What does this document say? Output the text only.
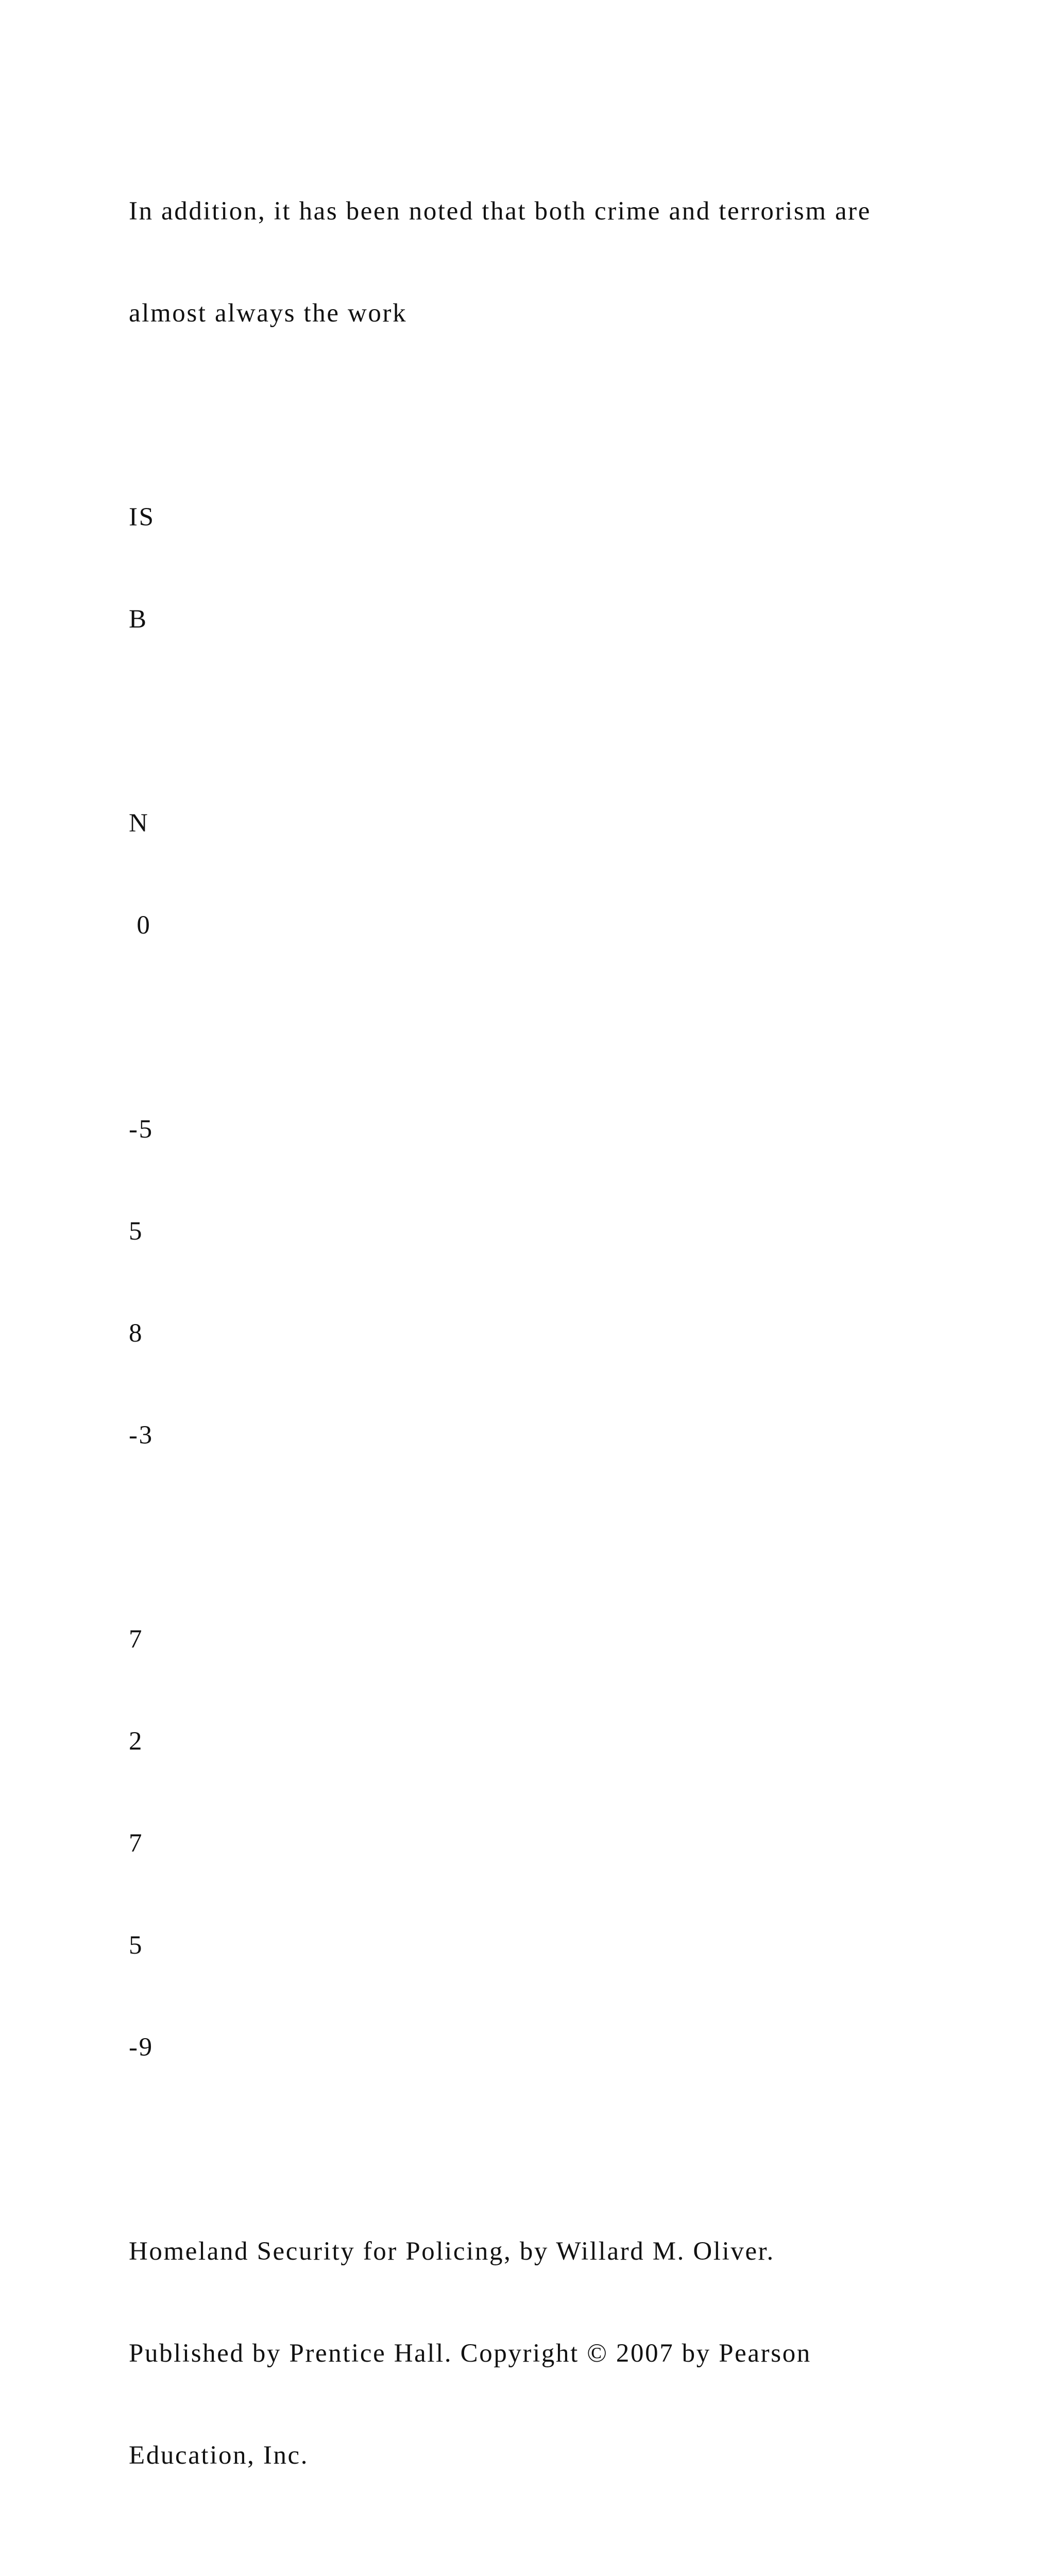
In addition, it has been noted that both crime and terrorism are

almost always the work

IS

B

N

0

-5

5

8

-3

7

2

7

5

-9

Homeland Security for Policing, by Willard M. Oliver.

Published by Prentice Hall. Copyright © 2007 by Pearson

Education, Inc.
